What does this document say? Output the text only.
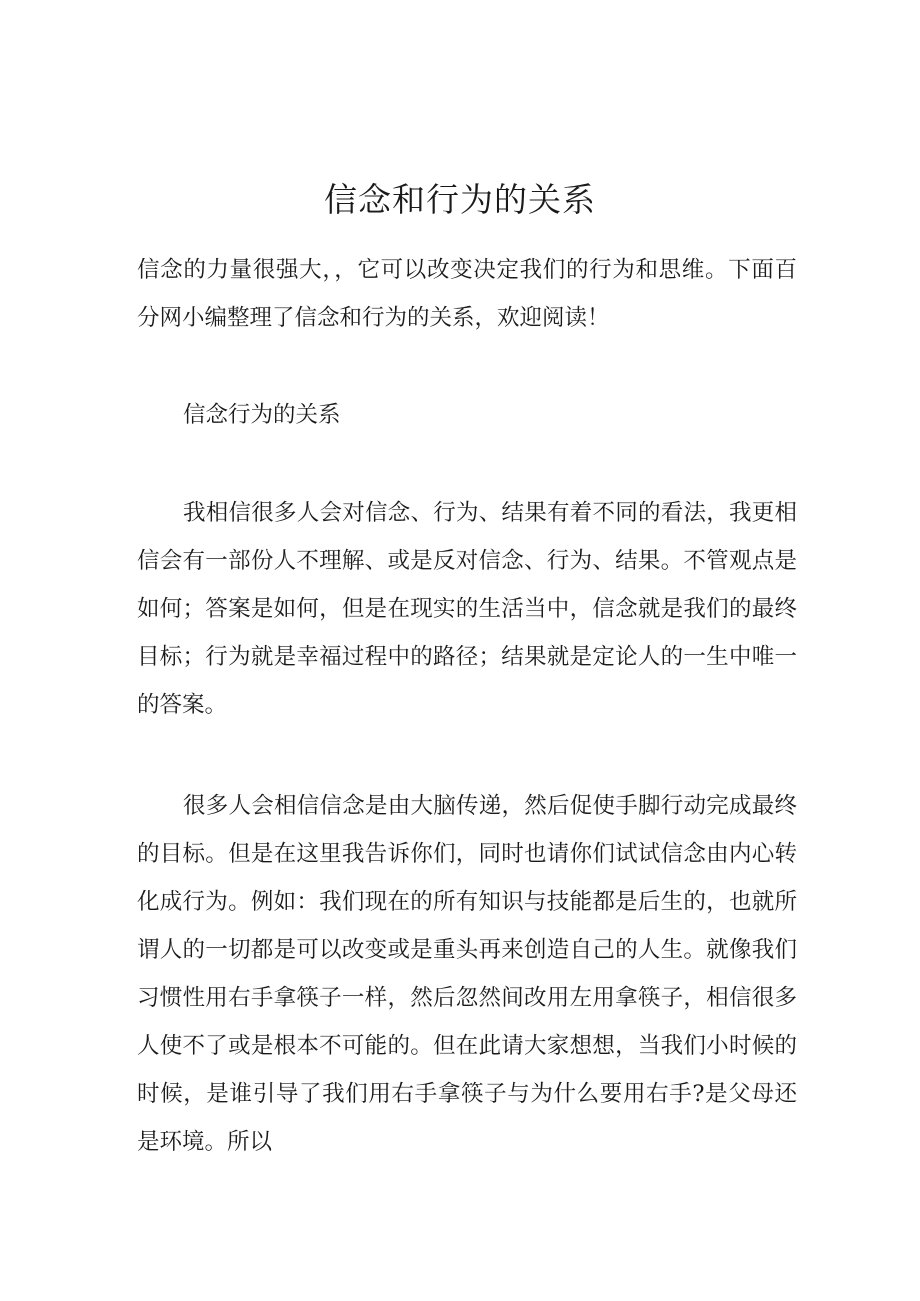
信念和行为的关系

信念的力量很强大，，它可以改变决定我们的行为和思维。下面百分网小编整理了信念和行为的关系，欢迎阅读！

信念行为的关系

我相信很多人会对信念、行为、结果有着不同的看法，我更相信会有一部份人不理解、或是反对信念、行为、结果。不管观点是如何；答案是如何，但是在现实的生活当中，信念就是我们的最终目标；行为就是幸福过程中的路径；结果就是定论人的一生中唯一的答案。

很多人会相信信念是由大脑传递，然后促使手脚行动完成最终的目标。但是在这里我告诉你们，同时也请你们试试信念由内心转化成行为。例如：我们现在的所有知识与技能都是后生的，也就所谓人的一切都是可以改变或是重头再来创造自己的人生。就像我们习惯性用右手拿筷子一样，然后忽然间改用左用拿筷子，相信很多人使不了或是根本不可能的。但在此请大家想想，当我们小时候的时候，是谁引导了我们用右手拿筷子与为什么要用右手?是父母还是环境。所以
